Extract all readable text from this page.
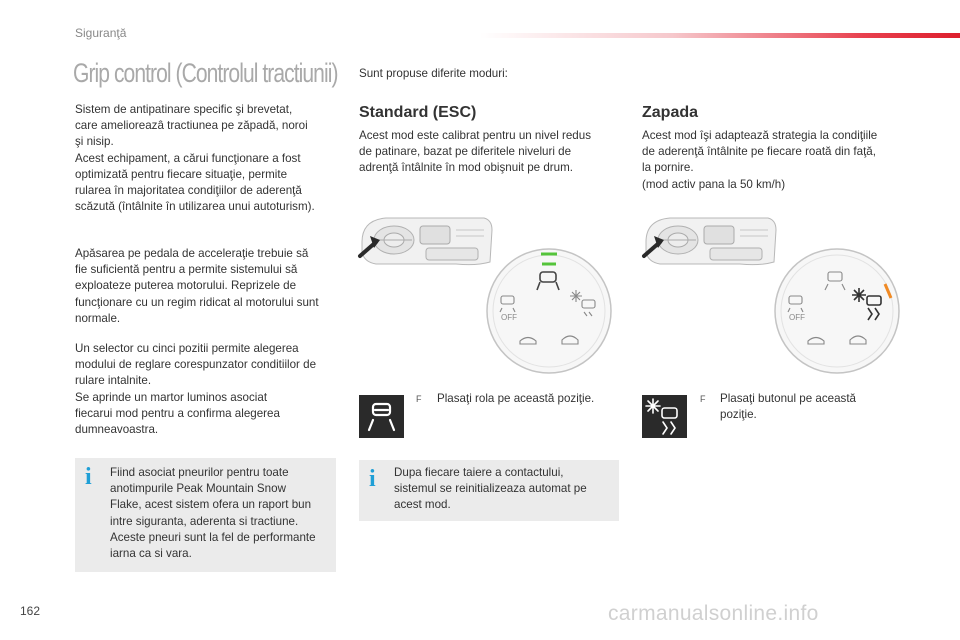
Siguranţă
Grip control (Controlul tractiunii)
Sistem de antipatinare specific şi brevetat,
care amelioreazâ tractiunea pe zăpadă, noroi
şi nisip.
Acest echipament, a cărui funcţionare a fost
optimizată pentru fiecare situaţie, permite
rularea în majoritatea condiţiilor de aderenţă
scăzută (întâlnite în utilizarea unui autoturism).
Apăsarea pe pedala de acceleraţie trebuie să
fie suficientă pentru a permite sistemului să
exploateze puterea motorului. Reprizele de
funcţionare cu un regim ridicat al motorului sunt
normale.
Un selector cu cinci pozitii permite alegerea
modului de reglare corespunzator conditiilor de
rulare intalnite.
Se aprinde un martor luminos asociat
fiecarui mod pentru a confirma alegerea
dumneavoastra.
i Fiind asociat pneurilor pentru toate
anotimpurile Peak Mountain Snow
Flake, acest sistem ofera un raport bun
intre siguranta, aderenta si tractiune.
Aceste pneuri sunt la fel de performante
iarna ca si vara.
Sunt propuse diferite moduri:
Standard (ESC)
Acest mod este calibrat pentru un nivel redus
de patinare, bazat pe diferitele niveluri de
adrenţă întâlnite în mod obişnuit pe drum.
OFF
F Plasaţi rola pe această poziţie.
i Dupa fiecare taiere a contactului,
sistemul se reinitializeaza automat pe
acest mod.
Zapada
Acest mod îşi adaptează strategia la condiţiile
de aderenţă întâlnite pe fiecare roată din faţă,
la pornire.
(mod activ pana la 50 km/h)
OFF
F Plasaţi butonul pe această
poziţie.
162	carmanualsonline.info
